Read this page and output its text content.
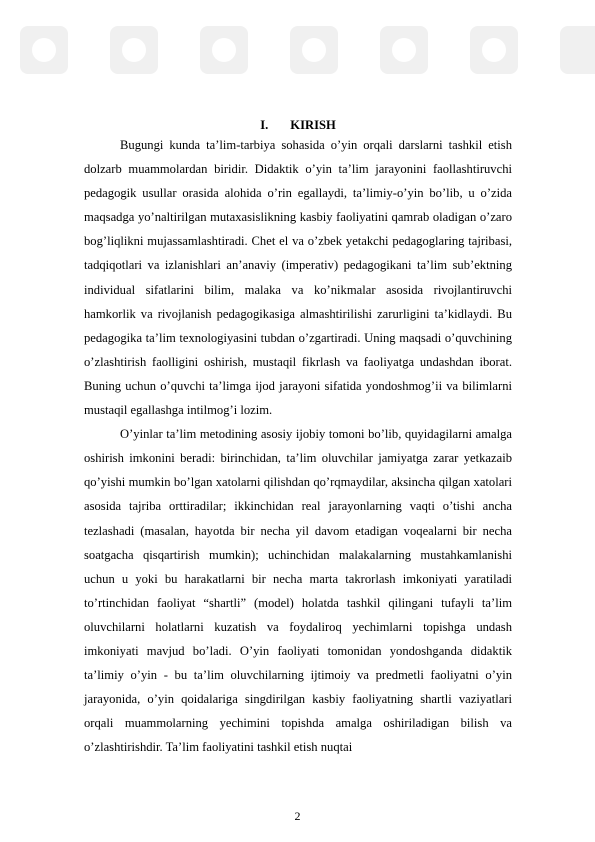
I. KIRISH

Bugungi kunda ta’lim-tarbiya sohasida o’yin orqali darslarni tashkil etish dolzarb muammolardan biridir. Didaktik o’yin ta’lim jarayonini faollashtiruvchi pedagogik usullar orasida alohida o’rin egallaydi, ta’limiy-o’yin bo’lib, u o’zida maqsadga yo’naltirilgan mutaxasislikning kasbiy faoliyatini qamrab oladigan o’zaro bog’liqlikni mujassamlashtiradi. Chet el va o’zbek yetakchi pedagoglaring tajribasi, tadqiqotlari va izlanishlari an’anaviy (imperativ) pedagogikani ta’lim sub’ektning individual sifatlarini bilim, malaka va ko’nikmalar asosida rivojlantiruvchi hamkorlik va rivojlanish pedagogikasiga almashtirilishi zarurligini ta’kidlaydi. Bu pedagogika ta’lim texnologiyasini tubdan o’zgartiradi. Uning maqsadi o’quvchining o’zlashtirish faolligini oshirish, mustaqil fikrlash va faoliyatga undashdan iborat. Buning uchun o’quvchi ta’limga ijod jarayoni sifatida yondoshmog’ii va bilimlarni mustaqil egallashga intilmog’i lozim.

O’yinlar ta’lim metodining asosiy ijobiy tomoni bo’lib, quyidagilarni amalga oshirish imkonini beradi: birinchidan, ta’lim oluvchilar jamiyatga zarar yetkazaib qo’yishi mumkin bo’lgan xatolarni qilishdan qo’rqmaydilar, aksincha qilgan xatolari asosida tajriba orttiradilar; ikkinchidan real jarayonlarning vaqti o’tishi ancha tezlashadi (masalan, hayotda bir necha yil davom etadigan voqealarni bir necha soatgacha qisqartirish mumkin); uchinchidan malakalarning mustahkamlanishi uchun u yoki bu harakatlarni bir necha marta takrorlash imkoniyati yaratiladi to’rtinchidan faoliyat “shartli” (model) holatda tashkil qilingani tufayli ta’lim oluvchilarni holatlarni kuzatish va foydaliroq yechimlarni topishga undash imkoniyati mavjud bo’ladi. O’yin faoliyati tomonidan yondoshganda didaktik ta’limiy o’yin - bu ta’lim oluvchilarning ijtimoiy va predmetli faoliyatni o’yin jarayonida, o’yin qoidalariga singdirilgan kasbiy faoliyatning shartli vaziyatlari orqali muammolarning yechimini topishda amalga oshiriladigan bilish va o’zlashtirishdir. Ta’lim faoliyatini tashkil etish nuqtai

2
